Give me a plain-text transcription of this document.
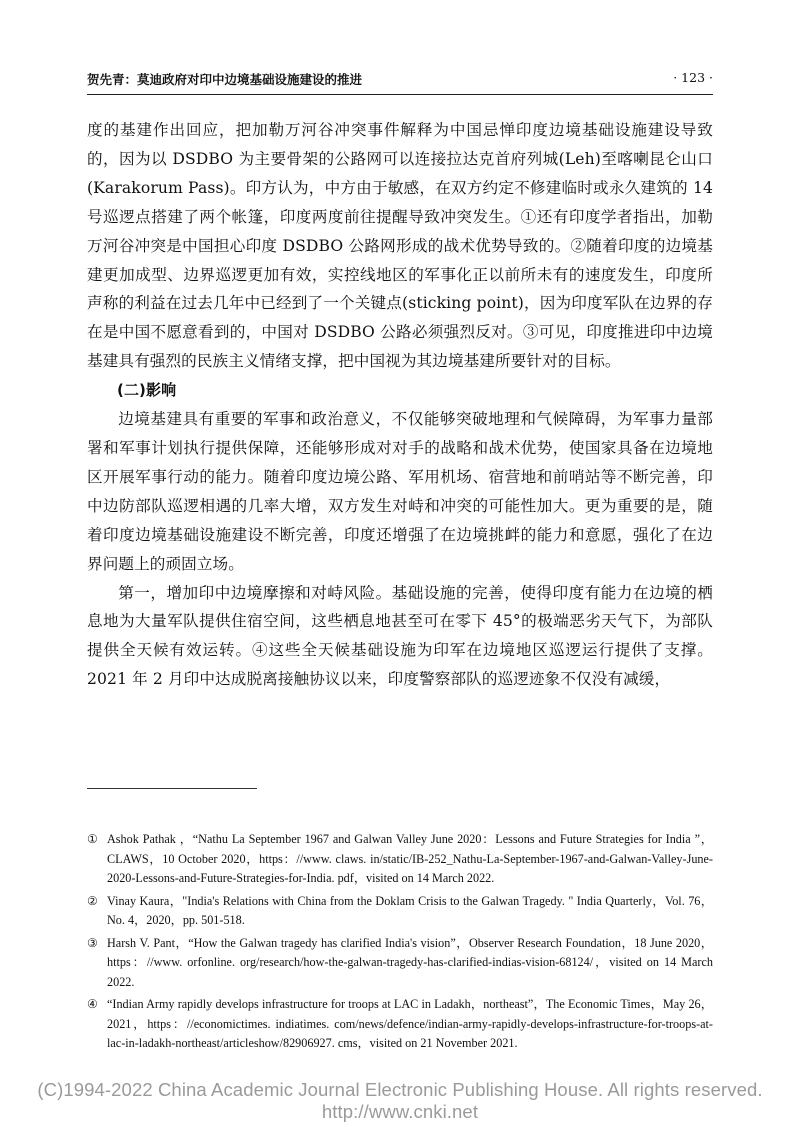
贺先青：莫迪政府对印中边境基础设施建设的推进	· 123 ·

度的基建作出回应，把加勒万河谷冲突事件解释为中国忌惮印度边境基础设施建设导致的，因为以 DSDBO 为主要骨架的公路网可以连接拉达克首府列城(Leh)至喀喇昆仑山口(Karakorum Pass)。印方认为，中方由于敏感，在双方约定不修建临时或永久建筑的 14 号巡逻点搭建了两个帐篷，印度两度前往提醒导致冲突发生。①还有印度学者指出，加勒万河谷冲突是中国担心印度 DSDBO 公路网形成的战术优势导致的。②随着印度的边境基建更加成型、边界巡逻更加有效，实控线地区的军事化正以前所未有的速度发生，印度所声称的利益在过去几年中已经到了一个关键点(sticking point)，因为印度军队在边界的存在是中国不愿意看到的，中国对 DSDBO 公路必须强烈反对。③可见，印度推进印中边境基建具有强烈的民族主义情绪支撑，把中国视为其边境基建所要针对的目标。

(二)影响

边境基建具有重要的军事和政治意义，不仅能够突破地理和气候障碍，为军事力量部署和军事计划执行提供保障，还能够形成对对手的战略和战术优势，使国家具备在边境地区开展军事行动的能力。随着印度边境公路、军用机场、宿营地和前哨站等不断完善，印中边防部队巡逻相遇的几率大增，双方发生对峙和冲突的可能性加大。更为重要的是，随着印度边境基础设施建设不断完善，印度还增强了在边境挑衅的能力和意愿，强化了在边界问题上的顽固立场。

第一，增加印中边境摩擦和对峙风险。基础设施的完善，使得印度有能力在边境的栖息地为大量军队提供住宿空间，这些栖息地甚至可在零下 45°的极端恶劣天气下，为部队提供全天候有效运转。④这些全天候基础设施为印军在边境地区巡逻运行提供了支撑。2021 年 2 月印中达成脱离接触协议以来，印度警察部队的巡逻迹象不仅没有减缓，

① Ashok Pathak ，“Nathu La September 1967 and Galwan Valley June 2020：Lessons and Future Strategies for India ”，CLAWS，10 October 2020，https：//www. claws. in/static/IB-252_Nathu-La-September-1967-and-Galwan-Valley-June-2020-Lessons-and-Future-Strategies-for-India. pdf，visited on 14 March 2022.
② Vinay Kaura，"India's Relations with China from the Doklam Crisis to the Galwan Tragedy. " India Quarterly，Vol. 76，No. 4，2020，pp. 501-518.
③ Harsh V. Pant，“How the Galwan tragedy has clarified India's vision”，Observer Research Foundation，18 June 2020，https：//www. orfonline. org/research/how-the-galwan-tragedy-has-clarified-indias-vision-68124/，visited on 14 March 2022.
④ “Indian Army rapidly develops infrastructure for troops at LAC in Ladakh，northeast”，The Economic Times，May 26，2021，https：//economictimes. indiatimes. com/news/defence/indian-army-rapidly-develops-infrastructure-for-troops-at-lac-in-ladakh-northeast/articleshow/82906927. cms，visited on 21 November 2021.
(C)1994-2022 China Academic Journal Electronic Publishing House. All rights reserved. http://www.cnki.net
